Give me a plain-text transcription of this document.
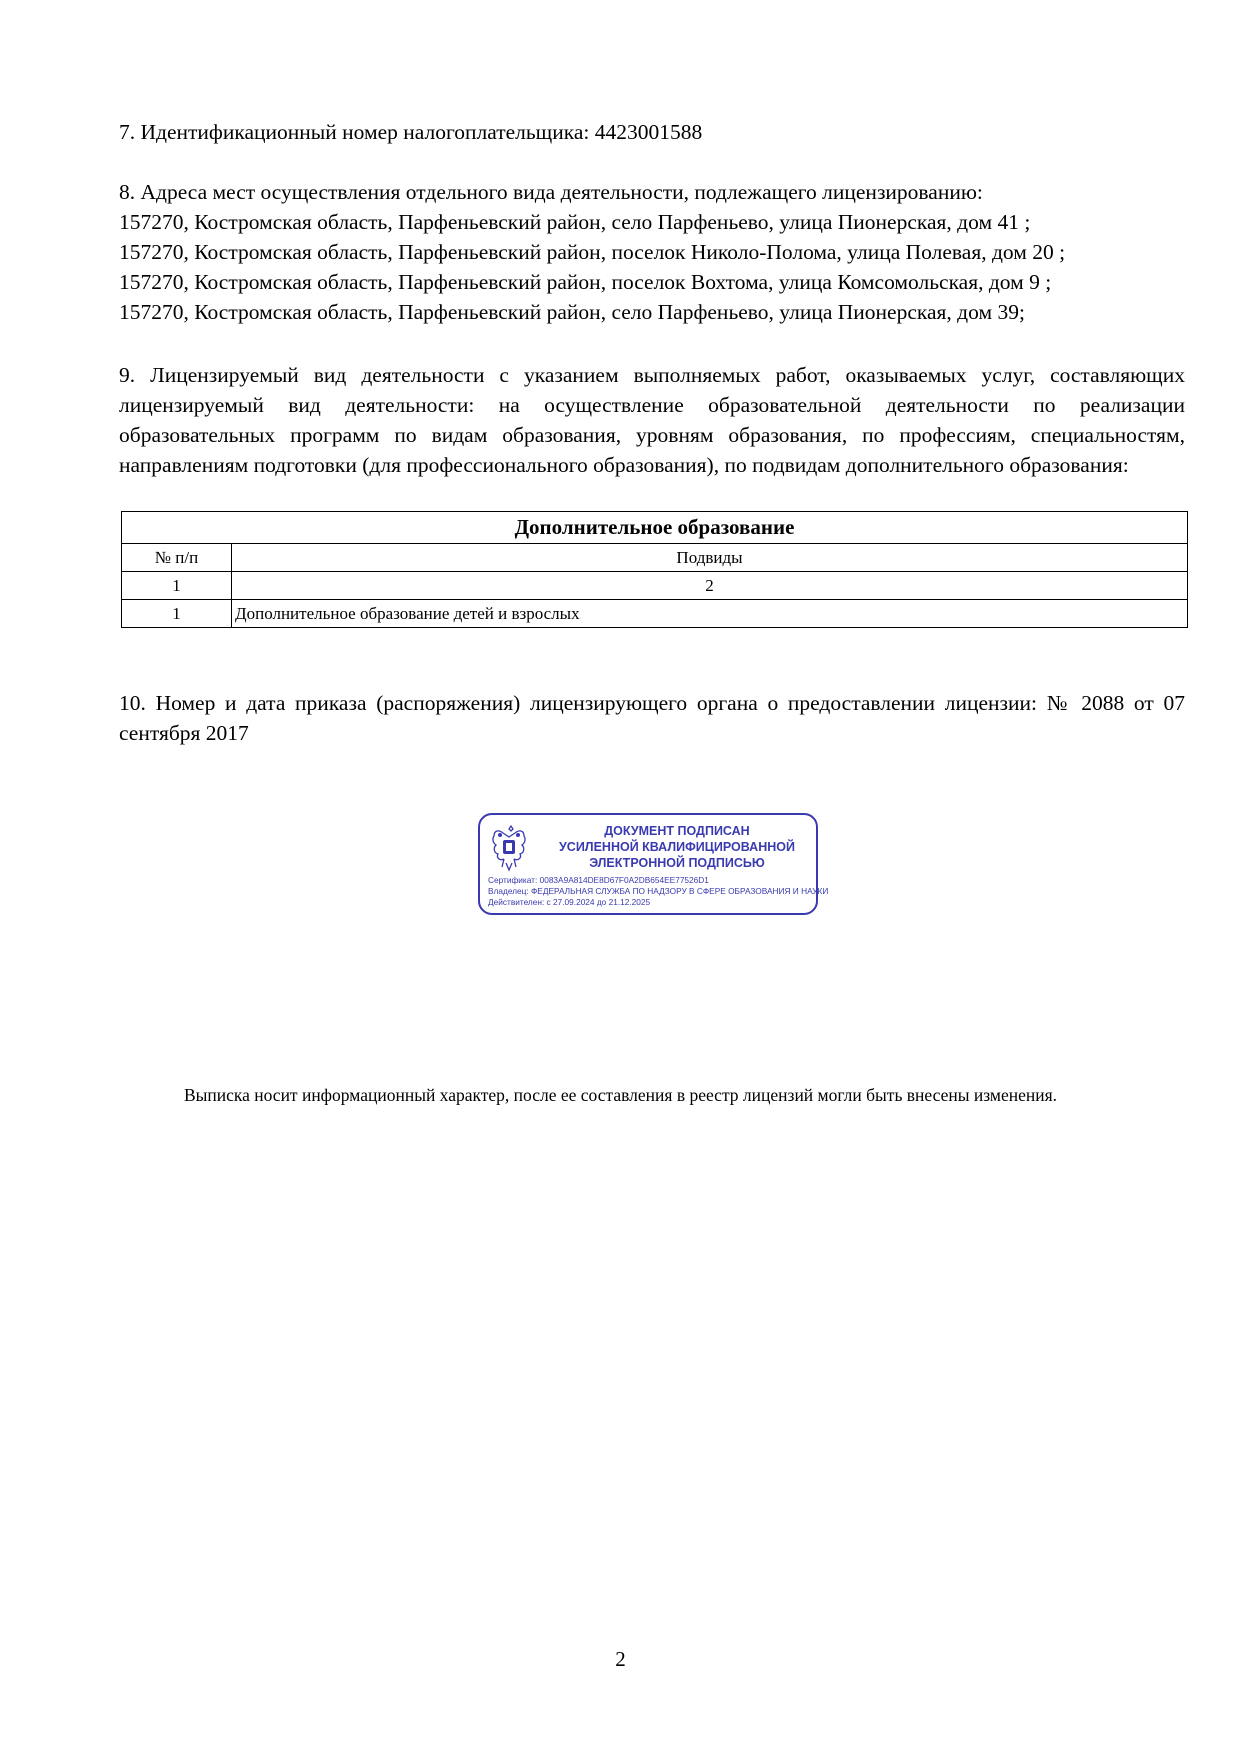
7. Идентификационный номер налогоплательщика: 4423001588
8. Адреса мест осуществления отдельного вида деятельности, подлежащего лицензированию:
157270, Костромская область, Парфеньевский район, село Парфеньево, улица Пионерская, дом 41 ;
157270, Костромская область, Парфеньевский район, поселок Николо-Полома, улица Полевая, дом 20 ;
157270, Костромская область, Парфеньевский район, поселок Вохтома, улица Комсомольская, дом 9 ;
157270, Костромская область, Парфеньевский район, село Парфеньево, улица Пионерская, дом 39;
9. Лицензируемый вид деятельности с указанием выполняемых работ, оказываемых услуг, составляющих лицензируемый вид деятельности: на осуществление образовательной деятельности по реализации образовательных программ по видам образования, уровням образования, по профессиям, специальностям, направлениям подготовки (для профессионального образования), по подвидам дополнительного образования:
Дополнительное образование	
№ п/п	Подвиды
1	2
1	Дополнительное образование детей и взрослых
10. Номер и дата приказа (распоряжения) лицензирующего органа о предоставлении лицензии: № 2088 от 07 сентября 2017
ДОКУМЕНТ ПОДПИСАН
УСИЛЕННОЙ КВАЛИФИЦИРОВАННОЙ
ЭЛЕКТРОННОЙ ПОДПИСЬЮ
Сертификат: 0083A9A814DE8D67F0A2DB654EE77526D1
Владелец: ФЕДЕРАЛЬНАЯ СЛУЖБА ПО НАДЗОРУ В СФЕРЕ ОБРАЗОВАНИЯ И НАУКИ
Действителен: с 27.09.2024 до 21.12.2025
Выписка носит информационный характер, после ее составления в реестр лицензий могли быть внесены изменения.
2
